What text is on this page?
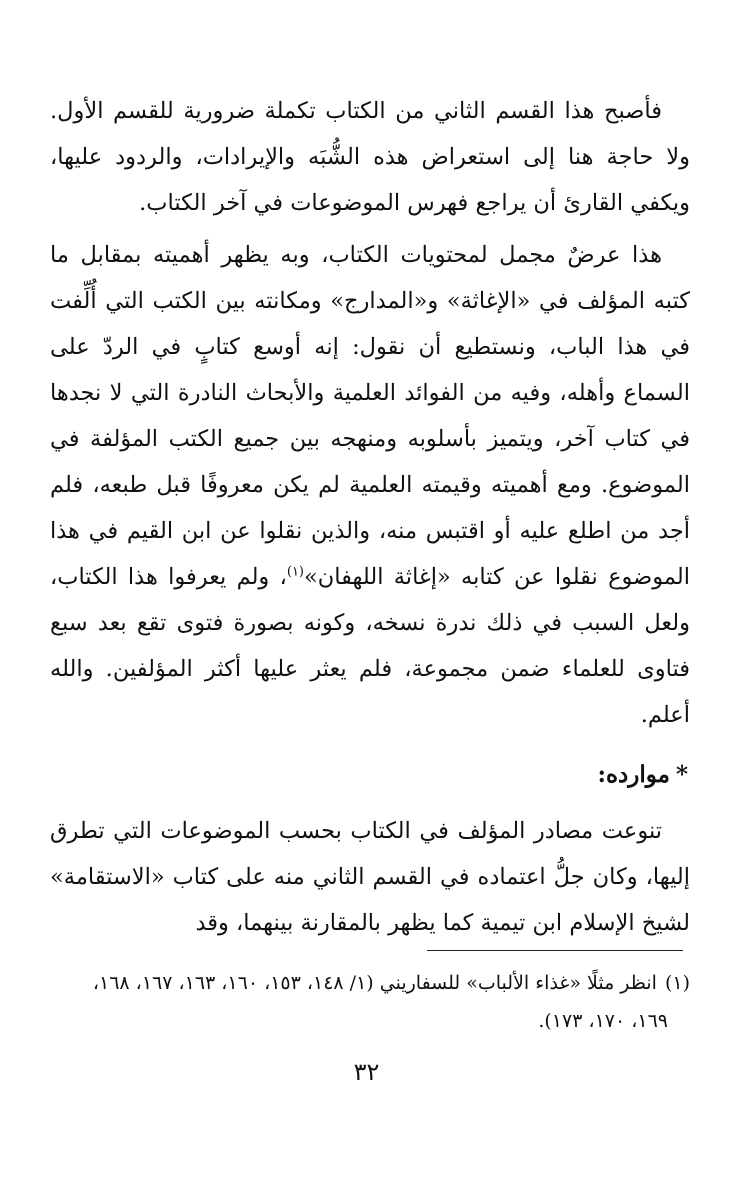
فأصبح هذا القسم الثاني من الكتاب تكملة ضرورية للقسم الأول. ولا حاجة هنا إلى استعراض هذه الشُّبَه والإيرادات، والردود عليها، ويكفي القارئ أن يراجع فهرس الموضوعات في آخر الكتاب.

هذا عرضٌ مجمل لمحتويات الكتاب، وبه يظهر أهميته بمقابل ما كتبه المؤلف في «الإغاثة» و«المدارج» ومكانته بين الكتب التي أُلِّفت في هذا الباب، ونستطيع أن نقول: إنه أوسع كتابٍ في الردّ على السماع وأهله، وفيه من الفوائد العلمية والأبحاث النادرة التي لا نجدها في كتاب آخر، ويتميز بأسلوبه ومنهجه بين جميع الكتب المؤلفة في الموضوع. ومع أهميته وقيمته العلمية لم يكن معروفًا قبل طبعه، فلم أجد من اطلع عليه أو اقتبس منه، والذين نقلوا عن ابن القيم في هذا الموضوع نقلوا عن كتابه «إغاثة اللهفان»$^{(١)}$، ولم يعرفوا هذا الكتاب، ولعل السبب في ذلك ندرة نسخه، وكونه بصورة فتوى تقع بعد سبع فتاوى للعلماء ضمن مجموعة، فلم يعثر عليها أكثر المؤلفين. والله أعلم.

*موارده:

تنوعت مصادر المؤلف في الكتاب بحسب الموضوعات التي تطرق إليها، وكان جلُّ اعتماده في القسم الثاني منه على كتاب «الاستقامة» لشيخ الإسلام ابن تيمية كما يظهر بالمقارنة بينهما، وقد

(١)انظر مثلًا «غذاء الألباب» للسفاريني (١/ ١٤٨، ١٥٣، ١٦٠، ١٦٣، ١٦٧، ١٦٨،
١٦٩، ١٧٠، ١٧٣).
٣٢
